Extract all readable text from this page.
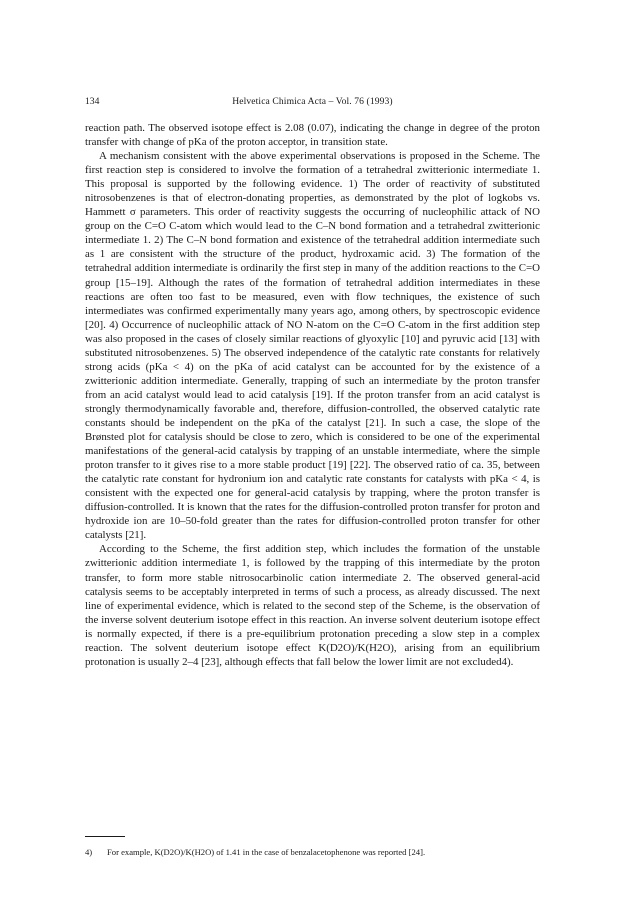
134	Helvetica Chimica Acta – Vol. 76 (1993)

reaction path. The observed isotope effect is 2.08 (0.07), indicating the change in degree of the proton transfer with change of pKa of the proton acceptor, in transition state.

A mechanism consistent with the above experimental observations is proposed in the Scheme. The first reaction step is considered to involve the formation of a tetrahedral zwitterionic intermediate 1. This proposal is supported by the following evidence. 1) The order of reactivity of substituted nitrosobenzenes is that of electron-donating properties, as demonstrated by the plot of logkobs vs. Hammett σ parameters. This order of reactivity suggests the occurring of nucleophilic attack of NO group on the C=O C-atom which would lead to the C–N bond formation and a tetrahedral zwitterionic intermediate 1. 2) The C–N bond formation and existence of the tetrahedral addition intermediate such as 1 are consistent with the structure of the product, hydroxamic acid. 3) The formation of the tetrahedral addition intermediate is ordinarily the first step in many of the addition reactions to the C=O group [15–19]. Although the rates of the formation of tetrahedral addition intermediates in these reactions are often too fast to be measured, even with flow techniques, the existence of such intermediates was confirmed experimentally many years ago, among others, by spectroscopic evidence [20]. 4) Occurrence of nucleophilic attack of NO N-atom on the C=O C-atom in the first addition step was also proposed in the cases of closely similar reactions of glyoxylic [10] and pyruvic acid [13] with substituted nitrosobenzenes. 5) The observed independence of the catalytic rate constants for relatively strong acids (pKa < 4) on the pKa of acid catalyst can be accounted for by the existence of a zwitterionic addition intermediate. Generally, trapping of such an intermediate by the proton transfer from an acid catalyst would lead to acid catalysis [19]. If the proton transfer from an acid catalyst is strongly thermodynamically favorable and, therefore, diffusion-controlled, the observed catalytic rate constants should be independent on the pKa of the catalyst [21]. In such a case, the slope of the Brønsted plot for catalysis should be close to zero, which is considered to be one of the experimental manifestations of the general-acid catalysis by trapping of an unstable intermediate, where the simple proton transfer to it gives rise to a more stable product [19] [22]. The observed ratio of ca. 35, between the catalytic rate constant for hydronium ion and catalytic rate constants for catalysts with pKa < 4, is consistent with the expected one for general-acid catalysis by trapping, where the proton transfer is diffusion-controlled. It is known that the rates for the diffusion-controlled proton transfer for proton and hydroxide ion are 10–50-fold greater than the rates for diffusion-controlled proton transfer for other catalysts [21].

According to the Scheme, the first addition step, which includes the formation of the unstable zwitterionic addition intermediate 1, is followed by the trapping of this intermediate by the proton transfer, to form more stable nitrosocarbinolic cation intermediate 2. The observed general-acid catalysis seems to be acceptably interpreted in terms of such a process, as already discussed. The next line of experimental evidence, which is related to the second step of the Scheme, is the observation of the inverse solvent deuterium isotope effect in this reaction. An inverse solvent deuterium isotope effect is normally expected, if there is a pre-equilibrium protonation preceding a slow step in a complex reaction. The solvent deuterium isotope effect K(D2O)/K(H2O), arising from an equilibrium protonation is usually 2–4 [23], although effects that fall below the lower limit are not excluded4).

4) For example, K(D2O)/K(H2O) of 1.41 in the case of benzalacetophenone was reported [24].
